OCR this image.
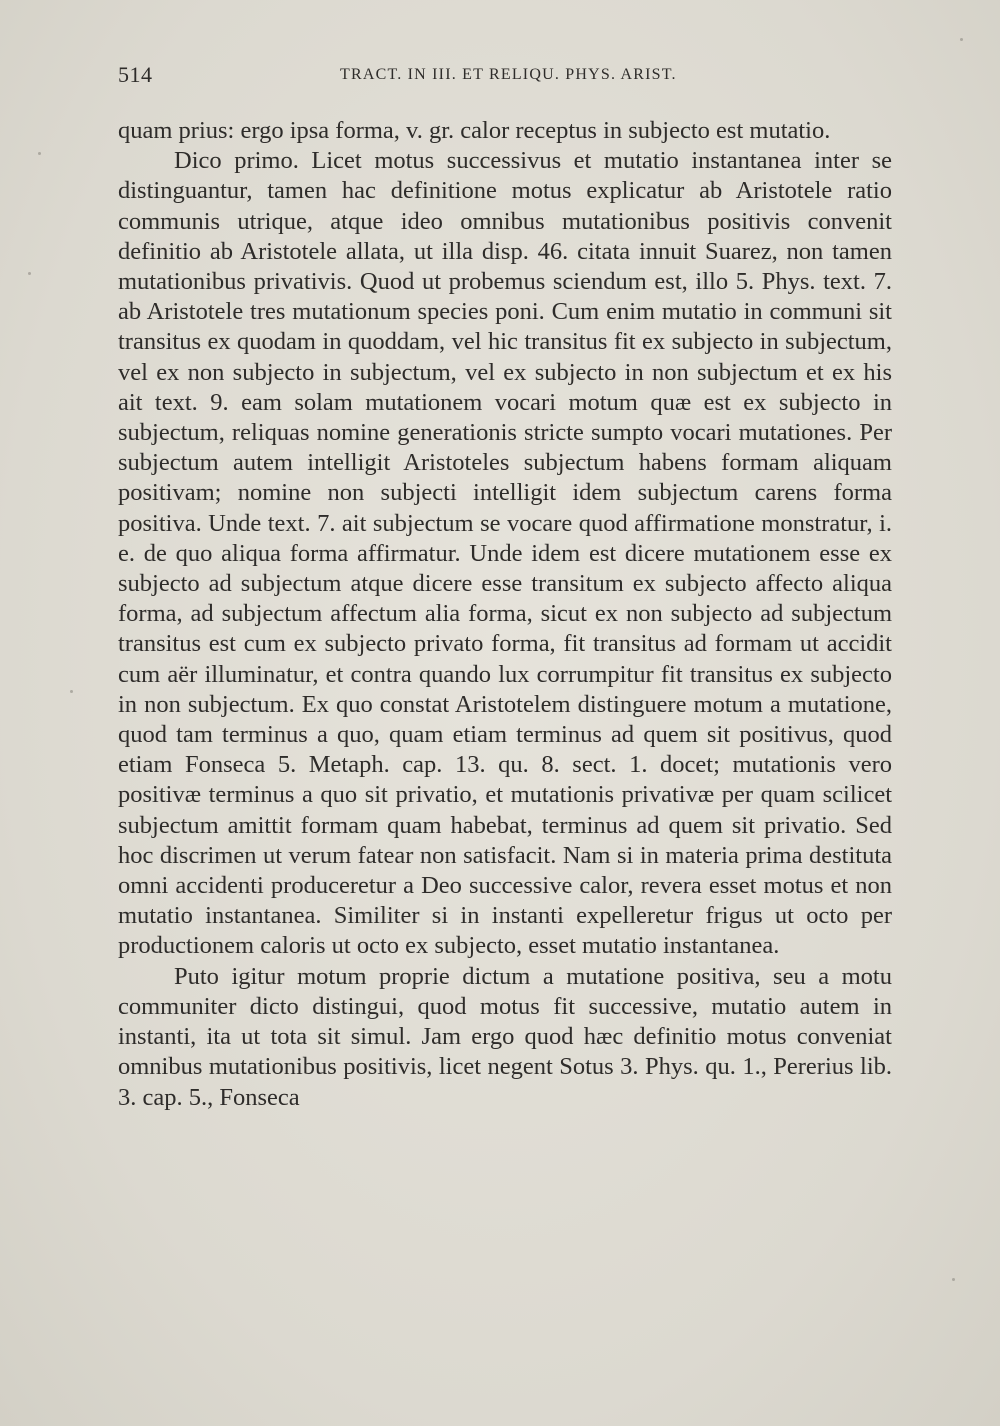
514	TRACT. IN III. ET RELIQU. PHYS. ARIST.

quam prius: ergo ipsa forma, v. gr. calor receptus in subjecto est mutatio.

Dico primo. Licet motus successivus et mutatio instantanea inter se distinguantur, tamen hac definitione motus explicatur ab Aristotele ratio communis utrique, atque ideo omnibus mutationibus positivis convenit definitio ab Aristotele allata, ut illa disp. 46. citata innuit Suarez, non tamen mutationibus privativis. Quod ut probemus sciendum est, illo 5. Phys. text. 7. ab Aristotele tres mutationum species poni. Cum enim mutatio in communi sit transitus ex quodam in quoddam, vel hic transitus fit ex subjecto in subjectum, vel ex non subjecto in subjectum, vel ex subjecto in non subjectum et ex his ait text. 9. eam solam mutationem vocari motum quæ est ex subjecto in subjectum, reliquas nomine generationis stricte sumpto vocari mutationes. Per subjectum autem intelligit Aristoteles subjectum habens formam aliquam positivam; nomine non subjecti intelligit idem subjectum carens forma positiva. Unde text. 7. ait subjectum se vocare quod affirmatione monstratur, i. e. de quo aliqua forma affirmatur. Unde idem est dicere mutationem esse ex subjecto ad subjectum atque dicere esse transitum ex subjecto affecto aliqua forma, ad subjectum affectum alia forma, sicut ex non subjecto ad subjectum transitus est cum ex subjecto privato forma, fit transitus ad formam ut accidit cum aër illuminatur, et contra quando lux corrumpitur fit transitus ex subjecto in non subjectum. Ex quo constat Aristotelem distinguere motum a mutatione, quod tam terminus a quo, quam etiam terminus ad quem sit positivus, quod etiam Fonseca 5. Metaph. cap. 13. qu. 8. sect. 1. docet; mutationis vero positivæ terminus a quo sit privatio, et mutationis privativæ per quam scilicet subjectum amittit formam quam habebat, terminus ad quem sit privatio. Sed hoc discrimen ut verum fatear non satisfacit. Nam si in materia prima destituta omni accidenti produceretur a Deo successive calor, revera esset motus et non mutatio instantanea. Similiter si in instanti expelleretur frigus ut octo per productionem caloris ut octo ex subjecto, esset mutatio instantanea.

Puto igitur motum proprie dictum a mutatione positiva, seu a motu communiter dicto distingui, quod motus fit successive, mutatio autem in instanti, ita ut tota sit simul. Jam ergo quod hæc definitio motus conveniat omnibus mutationibus positivis, licet negent Sotus 3. Phys. qu. 1., Pererius lib. 3. cap. 5., Fonseca
